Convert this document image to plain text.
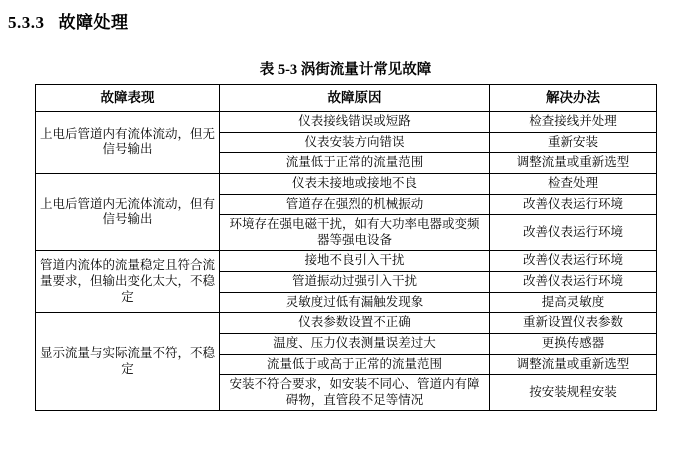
5.3.3 故障处理
表 5-3 涡街流量计常见故障
故障表现	故障原因	解决办法
上电后管道内有流体流动，但无信号输出	仪表接线错误或短路	检查接线并处理
	仪表安装方向错误	重新安装
	流量低于正常的流量范围	调整流量或重新选型
上电后管道内无流体流动，但有信号输出	仪表未接地或接地不良	检查处理
	管道存在强烈的机械振动	改善仪表运行环境
	环境存在强电磁干扰，如有大功率电器或变频器等强电设备	改善仪表运行环境
管道内流体的流量稳定且符合流量要求，但输出变化太大，不稳定	接地不良引入干扰	改善仪表运行环境
	管道振动过强引入干扰	改善仪表运行环境
	灵敏度过低有漏触发现象	提高灵敏度
显示流量与实际流量不符，不稳定	仪表参数设置不正确	重新设置仪表参数
	温度、压力仪表测量误差过大	更换传感器
	流量低于或高于正常的流量范围	调整流量或重新选型
	安装不符合要求，如安装不同心、管道内有障碍物，直管段不足等情况	按安装规程安装
